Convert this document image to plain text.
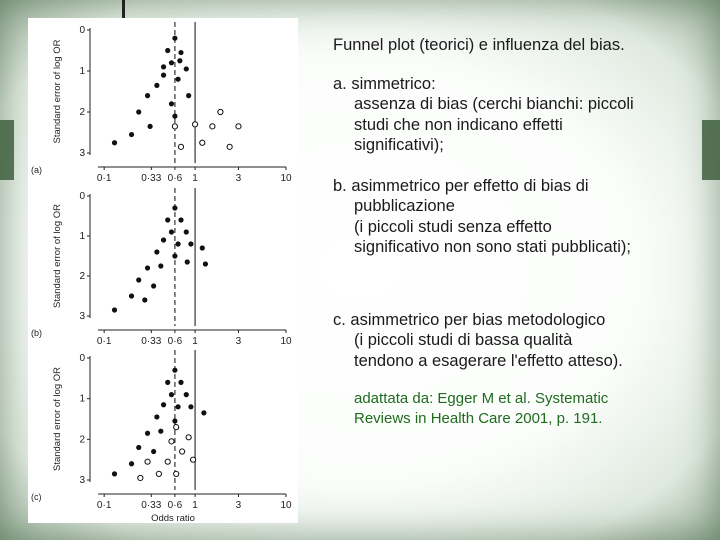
0
1
2
3
0·1	0·33 0·6 1	3	10
Standard error of log OR
(a)
0
1
2
3
0·1	0·33 0·6 1	3	10
Standard error of log OR
(b)
0
1
2
3
0·1	0·33 0·6 1	3	10
Standard error of log OR
Odds ratio
(c)
Funnel plot (teorici) e influenza del bias.
a. simmetrico:
assenza di bias (cerchi bianchi: piccoli
studi che non indicano effetti
significativi);
b. asimmetrico per effetto di bias di
pubblicazione
(i piccoli studi senza effetto
significativo non sono stati pubblicati);
c. asimmetrico per bias metodologico
(i piccoli studi di bassa qualità
tendono a esagerare l'effetto atteso).
adattata da: Egger M et al. Systematic
Reviews in Health Care 2001, p. 191.
